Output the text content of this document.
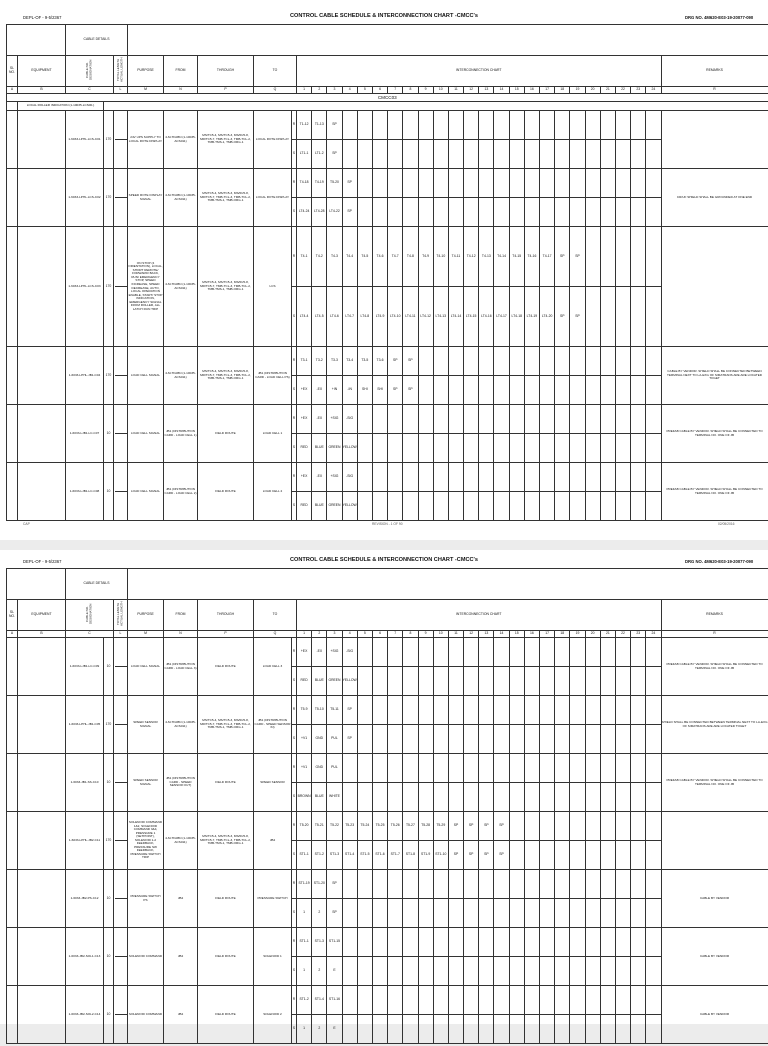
DEPL-OF - 9-5/2367	CONTROL CABLE SCHEDULE & INTERCONNECTION CHART -CMCC's	DRG NO. 4M620-E03-19-20077-090
		CABLE DETAILS																																
SL NO.	EQUIPMENT	CABLE NO. DESIGNATION		TOTAL LENGTH ACTUAL LENGTH	PURPOSE	FROM	THROUGH	TO		INTERCONNECTION CHART																								REMARKS
A	B	C		L	M	N	P	Q		1	2	3	4	5	6	7	8	9	10	11	12	13	14	15	16	17	18	19	20	21	22	23	24	R
CMCC03																																		
	LOCAL ROLLER INDICATION (1-10035-LCS00-)																																	
		1-6033-LPHL-LCS-C01	170		24V UPS SUPPLY TO LOCAL ROTE DISPLAY	4-M-TFABN (1-10035-ACS011)	MS/TC5-4, MS/TC5-3, MS/6U5-8, MR/TC5-7, TMB-TCL-3, TMB-TCL-2, TMB-TMS-1, TMB-ORG-1	LOCAL ROTE DISPLAY	R	T1-12	T1-13	SP																						
									S	LT1-1	LT1-2	SP																						
		1-6033-LPHL-LCS-C02	170		SPEED ROTE DISPLAY SIGNAL	4-M-TFABN (1-10035-ACS011)	MS/TC5-4, MS/TC5-3, MS/6U5-8, MR/TC5-7, TMB-TCL-3, TMB-TCL-2, TMB-TMS-1, TMB-ORG-1	LOCAL ROTE DISPLAY	R	T4-18	T4-19	T5-20	SP																					CR/UF SHIELD SHALL BE GROUNDED AT ONE END
									S	LT4-24	LT4-28	LT4-22	SP																					
		1-6033-LPHL-LCS-C03	170		ON STOP (4 ORIENTATION), LOCAL, SHORT REMOTE/ FORWARD/ BACK, RUN/ EMERGENCY STOP, SPEED INCREASE, SPEED DECREASE, AUTO, LOCAL OPERATION ENABLE, START/ STOP INDICATION, EMERGENCY SIGNAL FROM ROLLER, ALL LATCH RUN TRIP	4-M-TFABN (1-10035-ACS011)	MS/TC5-4, MS/TC5-3, MS/6U5-8, MR/TC5-7, TMB-TCL-3, TMB-TCL-2, TMB-TMS-1, TMB-ORG-1	LCS	R	T4-1	T4-2	T4-3	T4-4	T4-5	T4-6	T4-7	T4-8	T4-9	T4-10	T4-11	T4-12	T4-13	T4-14	T4-15	T4-16	T4-17	SP	SP						
									S	LT4-4	LT4-5	LT4-6	LT4-7	LT4-8	LT4-9	LT4-10	LT4-11	LT4-12	LT4-13	LT4-14	LT4-15	LT4-16	LT4-17	LT4-18	LT4-19	LT4-20	SP	SP						
		1-6033-LPHL-JB1-C04	170		LOAD CELL SIGNAL	4-M-TFABN (1-10035-ACS011)	MS/TC5-4, MS/TC5-3, MS/6U5-8, MR/TC5-7, TMB-TCL-3, TMB-TCL-2, TMB-TMS-1, TMB-ORG-1	JB1 (DISTRIBUTION CARD - LOAD CELL PS)	R	T3-1	T3-2	T3-3	T3-4	T3-5	T3-6	SP	SP																	CABLE BY VENDOR. SHIELD SHALL BE CONNECTED BETWEEN TERMINAL NEXT TO LA-EXG OF SIMATRANS ARE ARE LOCATED TOGET
									S	+EX	-EX	+IN	-IN	SHI	SHI	SP	SP																	
		1-6033-LJB1-LC-C07	10		LOAD CELL SIGNAL	JB1 (DISTRIBUTION CARD - LOAD CELL 1)	FIELD ROUTE	LOAD CELL 1	R	+EX	-EX	+SIG	-SIG																					PREFAB CABLE BY VENDOR. SHIELD SHALL BE CONNECTED TO TERMINAL NO. ONE OF JB
									S	RED	BLUE	GREEN	YELLOW																					
		1-6033-LJB1-LC-C08	10		LOAD CELL SIGNAL	JB1 (DISTRIBUTION CARD - LOAD CELL 2)	FIELD ROUTE	LOAD CELL 2	R	+EX	-EX	+SIG	-SIG																					PREFAB CABLE BY VENDOR. SHIELD SHALL BE CONNECTED TO TERMINAL NO. ONE OF JB
									S	RED	BLUE	GREEN	YELLOW																					
CAP	REVISION - 1 OF 90	02/05/2016
DEPL-OF - 9-5/2367	CONTROL CABLE SCHEDULE & INTERCONNECTION CHART -CMCC's	DRG NO. 4M620-E03-19-20077-090
		CABLE DETAILS																																
SL NO.	EQUIPMENT	CABLE NO. DESIGNATION		TOTAL LENGTH ACTUAL LENGTH	PURPOSE	FROM	THROUGH	TO		INTERCONNECTION CHART																								REMARKS
A	B	C		L	M	N	P	Q		1	2	3	4	5	6	7	8	9	10	11	12	13	14	15	16	17	18	19	20	21	22	23	24	R
		1-6033-LJB1-LC-C09	10		LOAD CELL SIGNAL	JB1 (DISTRIBUTION CARD - LOAD CELL 3)	FIELD ROUTE	LOAD CELL 3	R	+EX	-EX	+SIG	-SIG																					PREFAB CABLE BY VENDOR. SHIELD SHALL BE CONNECTED TO TERMINAL NO. ONE OF JB
									S	RED	BLUE	GREEN	YELLOW																					
		1-6033-LPHL-JB1-C05	170		SPEED SENSOR SIGNAL	4-M-TFABN (1-10035-ACS011)	MS/TC5-4, MS/TC5-3, MS/6U5-8, MR/TC5-7, TMB-TCL-3, TMB-TCL-2, TMB-TMS-1, TMB-ORG-1	JB1 (DISTRIBUTION CARD - SPEED SENSOR IN)	R	T5-9	T5-10	T5-11	SP																					SHIELD SHALL BE CONNECTED BETWEEN TERMINAL NEXT TO LA-EXG OF SIMATRANS ARE ARE LOCATED TOGET
									S	+V1	GND	PUL	SP																					
		1-6033-JB1-SS-C10	10		SPEED SENSOR SIGNAL	JB1 (DISTRIBUTION CARD - SPEED SENSOR OUT)	FIELD ROUTE	SPEED SENSOR	R	+V1	GND	PUL																						PREFAB CABLE BY VENDOR. SHIELD SHALL BE CONNECTED TO TERMINAL NO. ONE OF JB
									S	BROWN	BLUE	WHITE																						
		1-6033-LPHL-JB2-C11	170		SOLENOID COMMAND 1&2, SOLENOID COMMAND 3&4, PRESSURE 1 (SETPOINT), SOLENOID 1-2 FEEDBACK, PRESSURE SW FEEDBACK, PRESSURE SWITCH TRIP	4-M-TFABN (1-10035-ACS011)	MS/TC5-4, MS/TC5-3, MS/6U5-8, MR/TC5-7, TMB-TCL-3, TMB-TCL-2, TMB-TMS-1, TMB-ORG-1	JB2	R	T5-20	T5-21	T5-22	T5-23	T5-24	T5-25	T5-26	T5-27	T5-28	T5-29	SP	SP	SP	SP											
									S	ST1-1	ST1-2	ST1-3	ST1-4	ST1-5	ST1-6	ST1-7	ST1-8	ST1-9	ST1-10	SP	SP	SP	SP											
		1-6033-JB2-PS-C12	10		PRESSURE SWITCH PS	JB2	FIELD ROUTE	PRESSURE SWITCH	R	ST1-19	ST1-20	SP																						CABLE BY VENDOR
									S	1	2	SP																						
		1-6033-JB2-SOL1-C13	10		SOLENOID COMMAND	JB2	FIELD ROUTE	SOLENOID 1	R	ST1-1	ST1-3	ST1-15																						CABLE BY VENDOR
									S	1	2	E																						
		1-6033-JB2-SOL2-C14	10		SOLENOID COMMAND	JB2	FIELD ROUTE	SOLENOID 2	R	ST1-2	ST1-4	ST1-16																						CABLE BY VENDOR
									S	1	2	E																						
